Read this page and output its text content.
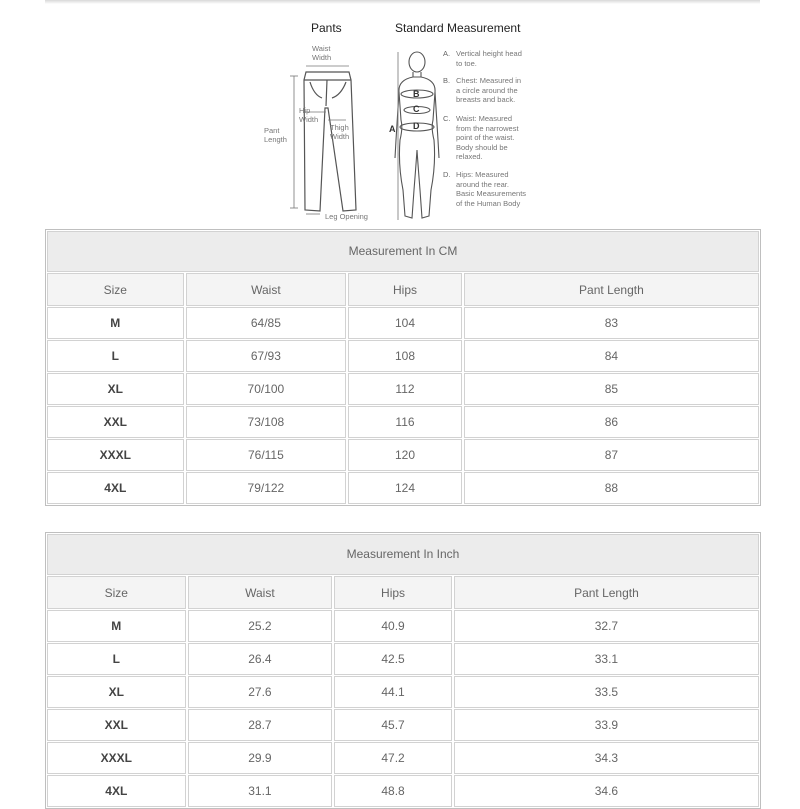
Pants	Standard Measurement
Waist
Width
Hip
Width
Thigh
Width
Pant
Length
Leg Opening
B
C
A D
A. Vertical height head
to toe.
B. Chest: Measured in
a circle around the
breasts and back.
C. Waist: Measured
from the narrowest
point of the waist.
Body should be
relaxed.
D. Hips: Measured
around the rear.
Basic Measurements
of the Human Body
Measurement In CM
Size	Waist	Hips	Pant Length
M	64/85	104	83
L	67/93	108	84
XL	70/100	112	85
XXL	73/108	116	86
XXXL	76/115	120	87
4XL	79/122	124	88
Measurement In Inch
Size	Waist	Hips	Pant Length
M	25.2	40.9	32.7
L	26.4	42.5	33.1
XL	27.6	44.1	33.5
XXL	28.7	45.7	33.9
XXXL	29.9	47.2	34.3
4XL	31.1	48.8	34.6
